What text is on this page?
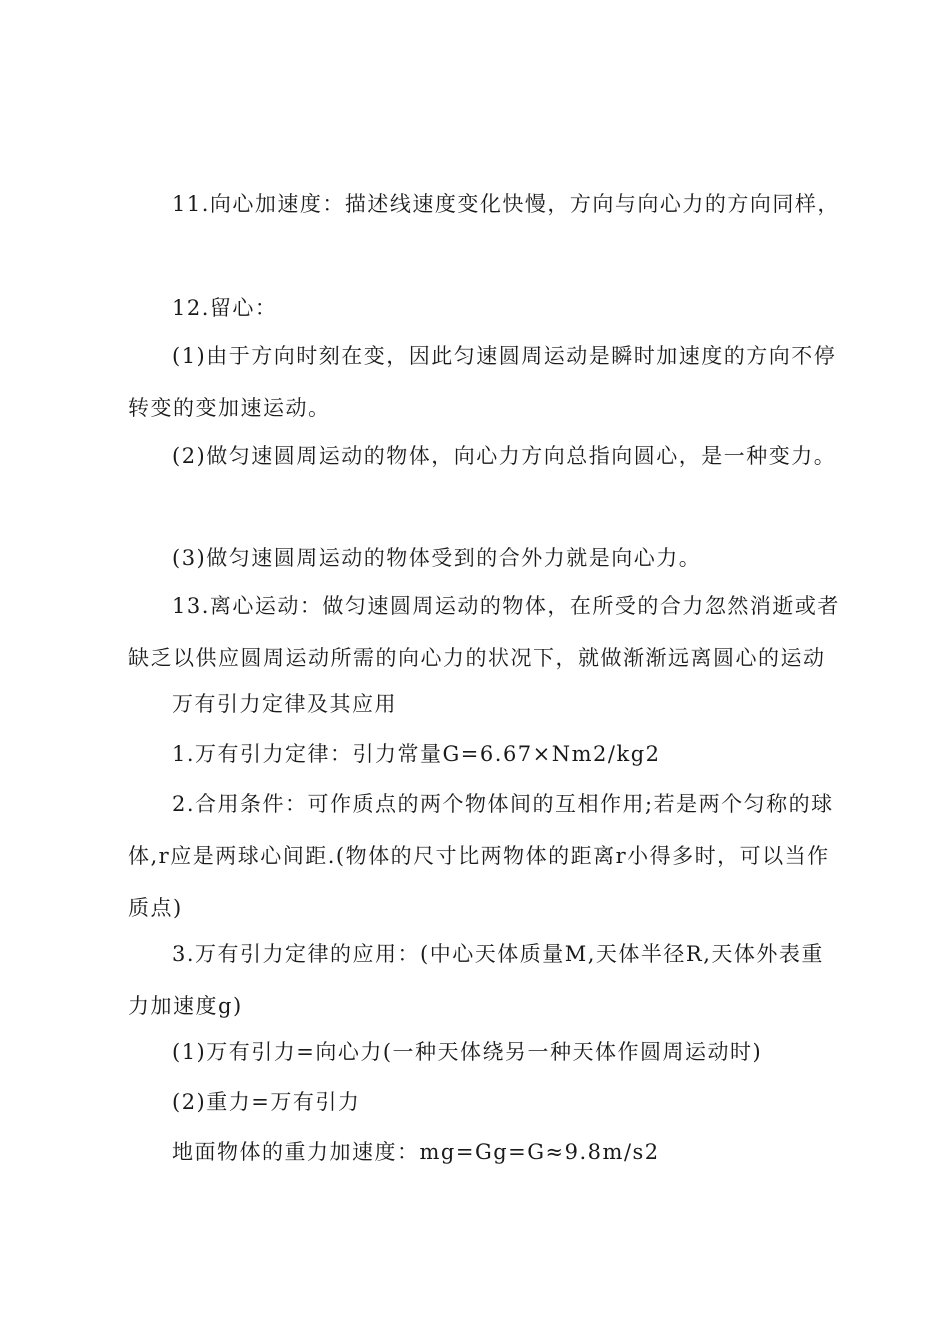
11.向心加速度：描述线速度变化快慢，方向与向心力的方向同样，

12.留心：

(1)由于方向时刻在变，因此匀速圆周运动是瞬时加速度的方向不停转变的变加速运动。

(2)做匀速圆周运动的物体，向心力方向总指向圆心，是一种变力。

(3)做匀速圆周运动的物体受到的合外力就是向心力。

13.离心运动：做匀速圆周运动的物体，在所受的合力忽然消逝或者缺乏以供应圆周运动所需的向心力的状况下，就做渐渐远离圆心的运动

万有引力定律及其应用

1.万有引力定律：引力常量G=6.67×Nm2/kg2

2.合用条件：可作质点的两个物体间的互相作用;若是两个匀称的球体,r应是两球心间距.(物体的尺寸比两物体的距离r小得多时，可以当作质点)

3.万有引力定律的应用：(中心天体质量M,天体半径R,天体外表重力加速度g)

(1)万有引力=向心力(一种天体绕另一种天体作圆周运动时)

(2)重力=万有引力

地面物体的重力加速度：mg=Gg=G≈9.8m/s2
